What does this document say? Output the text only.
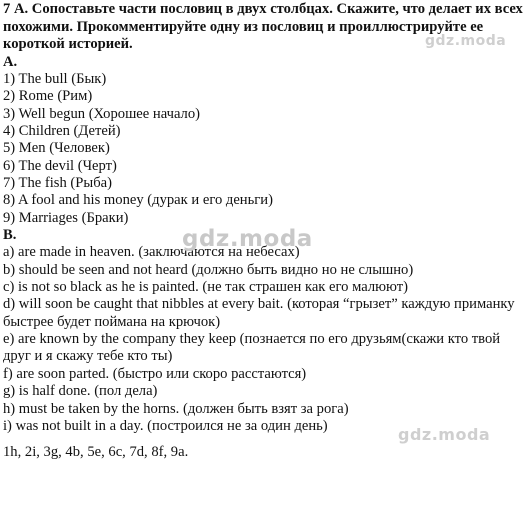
7 А. Сопоставьте части пословиц в двух столбцах. Скажите, что делает их всех похожими. Прокомментируйте одну из пословиц и проиллюстрируйте ее короткой историей.

А.

1) The bull (Бык)

2) Rome (Рим)

3) Well begun (Хорошее начало)

4) Children (Детей)

5) Men (Человек)

6) The devil (Черт)

7) The fish (Рыба)

8) A fool and his money (дурак и его деньги)

9) Marriages (Браки)

B.

a) are made in heaven. (заключаются на небесах)

b) should be seen and not heard (должно быть видно но не слышно)

c) is not so black as he is painted. (не так страшен как его малюют)

d) will soon be caught that nibbles at every bait. (которая “грызет” каждую приманку быстрее будет поймана на крючок)

e) are known by the company they keep (познается по его друзьям(скажи кто твой друг и я скажу тебе кто ты)

f) are soon parted. (быстро или скоро расстаются)

g) is half done. (пол дела)

h) must be taken by the horns. (должен быть взят за рога)

i) was not built in a day. (построился не за один день)

1h, 2i, 3g, 4b, 5e, 6c, 7d, 8f, 9a.

gdz.moda
gdz.moda
gdz.moda
